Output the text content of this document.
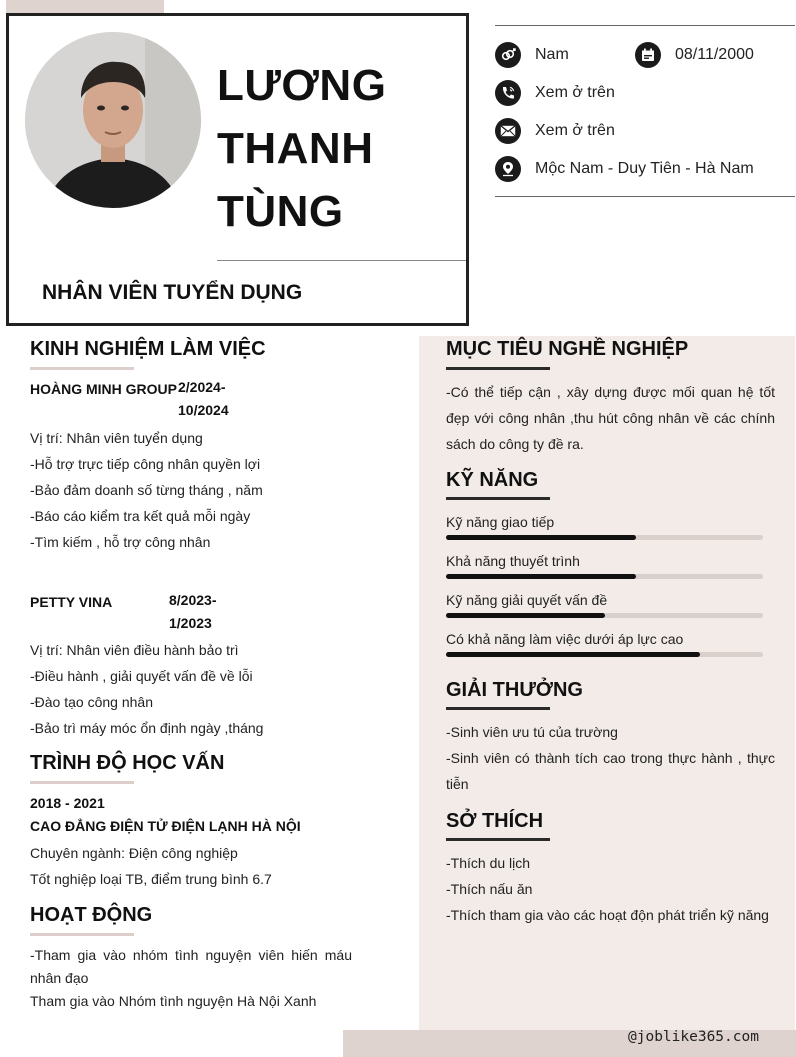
LƯƠNG
THANH
TÙNG
NHÂN VIÊN TUYỂN DỤNG
Nam	08/11/2000
Xem ở trên
Xem ở trên
Mộc Nam - Duy Tiên - Hà Nam
KINH NGHIỆM LÀM VIỆC
HOÀNG MINH GROUP 2/2024-
10/2024
Vị trí: Nhân viên tuyển dụng
-Hỗ trợ trực tiếp công nhân quyền lợi
-Bảo đảm doanh số từng tháng , năm
-Báo cáo kiểm tra kết quả mỗi ngày
-Tìm kiếm , hỗ trợ công nhân
PETTY VINA	8/2023-
1/2023
Vị trí: Nhân viên điều hành bảo trì
-Điều hành , giải quyết vấn đề về lỗi
-Đào tạo công nhân
-Bảo trì máy móc ổn định ngày ,tháng
TRÌNH ĐỘ HỌC VẤN
2018 - 2021
CAO ĐẲNG ĐIỆN TỬ ĐIỆN LẠNH HÀ NỘI
Chuyên ngành: Điện công nghiệp
Tốt nghiệp loại TB, điểm trung bình 6.7
HOẠT ĐỘNG
-Tham gia vào nhóm tình nguyện viên hiến máu nhân đạo
Tham gia vào Nhóm tình nguyện Hà Nội Xanh
MỤC TIÊU NGHỀ NGHIỆP
-Có thể tiếp cận , xây dựng được mối quan hệ tốt đẹp với công nhân ,thu hút công nhân về các chính sách do công ty đề ra.
KỸ NĂNG
Kỹ năng giao tiếp
Khả năng thuyết trình
Kỹ năng giải quyết vấn đề
Có khả năng làm việc dưới áp lực cao
GIẢI THƯỞNG
-Sinh viên ưu tú của trường
-Sinh viên có thành tích cao trong thực hành , thực tiễn
SỞ THÍCH
-Thích du lịch
-Thích nấu ăn
-Thích tham gia vào các hoạt độn phát triển kỹ năng
@joblike365.com
